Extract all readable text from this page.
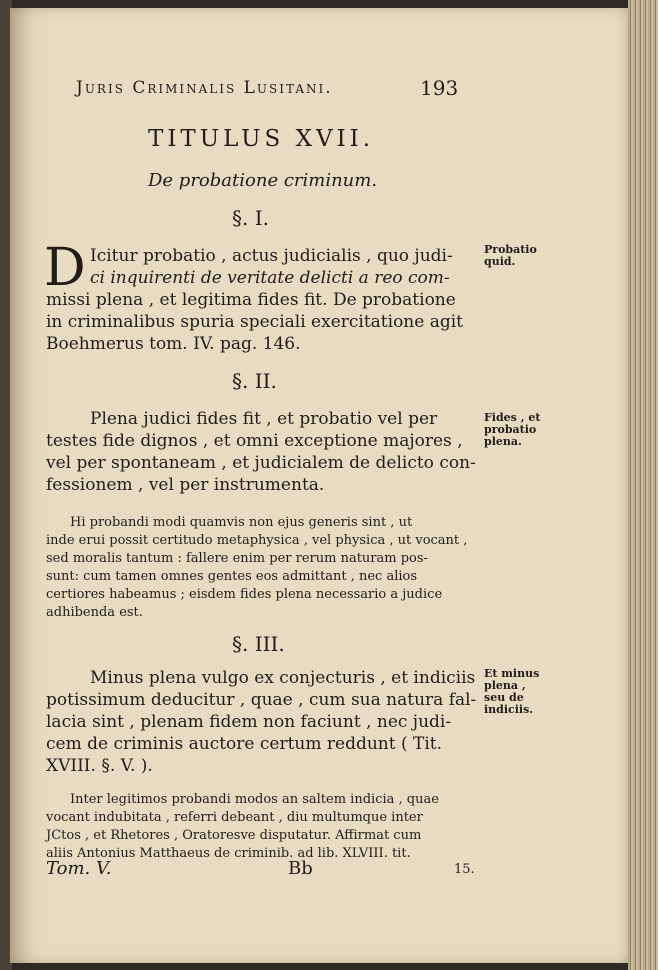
Juris Criminalis Lusitani.	193
TITULUS XVII.
De probatione criminum.
§. I.
D Icitur probatio , actus judicialis , quo judi-
ci inquirenti de veritate delicti a reo com-
missi plena , et legitima fides fit. De probatione
in criminalibus spuria speciali exercitatione agit
Boehmerus tom. IV. pag. 146.
Probatio quid.
§. II.
Plena judici fides fit , et probatio vel per
testes fide dignos , et omni exceptione majores ,
vel per spontaneam , et judicialem de delicto con-
fessionem , vel per instrumenta.
Fides , et probatio plena.
Hi probandi modi quamvis non ejus generis sint , ut
inde erui possit certitudo metaphysica , vel physica , ut vocant ,
sed moralis tantum : fallere enim per rerum naturam pos-
sunt: cum tamen omnes gentes eos admittant , nec alios
certiores habeamus ; eisdem fides plena necessario a judice
adhibenda est.
§. III.
Minus plena vulgo ex conjecturis , et indiciis
potissimum deducitur , quae , cum sua natura fal-
lacia sint , plenam fidem non faciunt , nec judi-
cem de criminis auctore certum reddunt ( Tit.
XVIII. §. V. ).
Et minus plena , seu de indiciis.
Inter legitimos probandi modos an saltem indicia , quae
vocant indubitata , referri debeant , diu multumque inter
JCtos , et Rhetores , Oratoresve disputatur. Affirmat cum
aliis Antonius Matthaeus de criminib. ad lib. XLVIII. tit.
Tom. V.	Bb	15.
